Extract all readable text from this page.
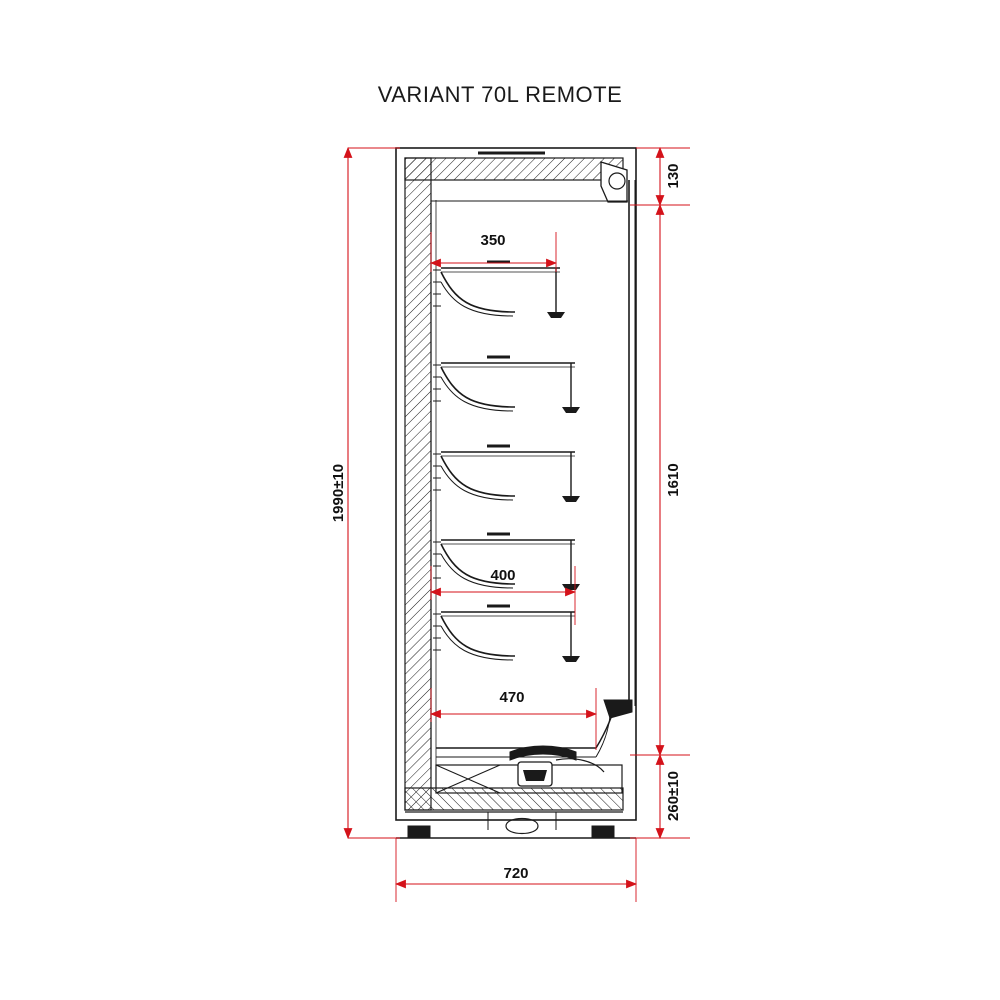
VARIANT 70L REMOTE
1990±10
130
1610
260±10
350
400
470
720
